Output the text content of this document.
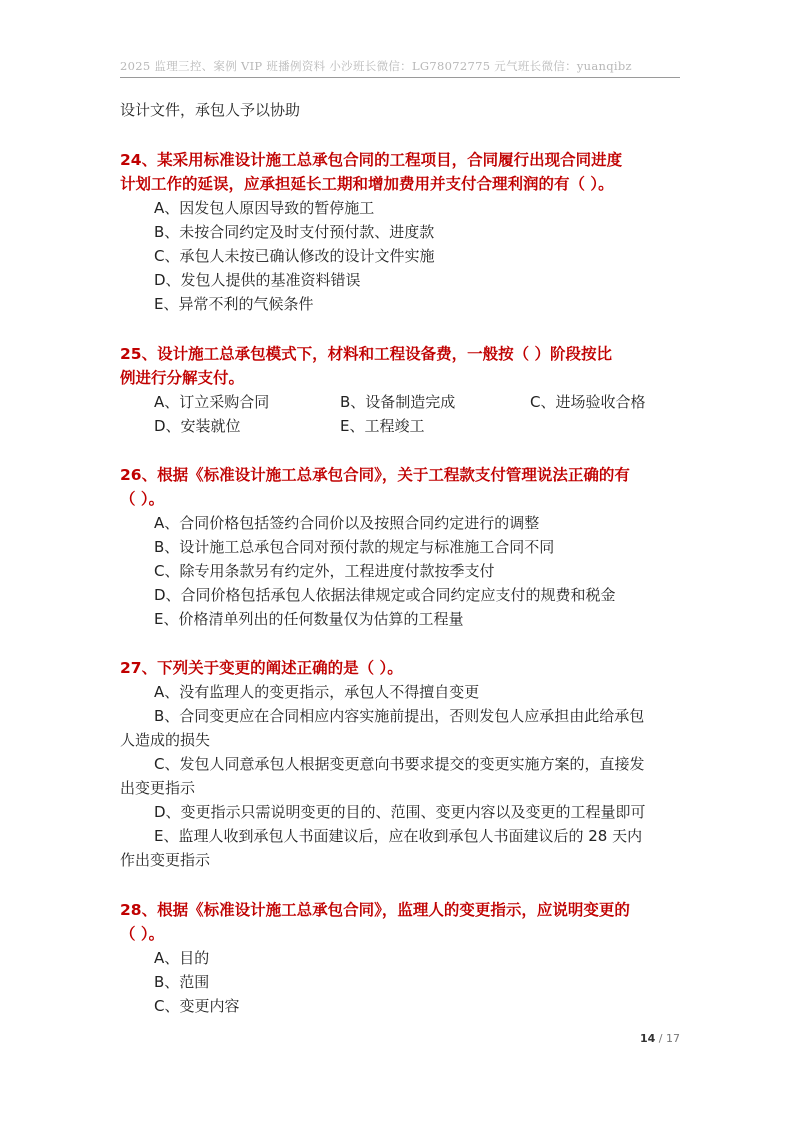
2025 监理三控、案例 VIP 班播例资料 小沙班长微信：LG78072775 元气班长微信：yuanqibz
设计文件，承包人予以协助
24、某采用标准设计施工总承包合同的工程项目，合同履行出现合同进度
计划工作的延误，应承担延长工期和增加费用并支付合理利润的有（ ）。
A、因发包人原因导致的暂停施工
B、未按合同约定及时支付预付款、进度款
C、承包人未按已确认修改的设计文件实施
D、发包人提供的基准资料错误
E、异常不利的气候条件
25、设计施工总承包模式下，材料和工程设备费，一般按（ ）阶段按比
例进行分解支付。
A、订立采购合同	B、设备制造完成	C、进场验收合格
D、安装就位	E、工程竣工
26、根据《标准设计施工总承包合同》，关于工程款支付管理说法正确的有
（ ）。
A、合同价格包括签约合同价以及按照合同约定进行的调整
B、设计施工总承包合同对预付款的规定与标准施工合同不同
C、除专用条款另有约定外，工程进度付款按季支付
D、合同价格包括承包人依据法律规定或合同约定应支付的规费和税金
E、价格清单列出的任何数量仅为估算的工程量
27、下列关于变更的阐述正确的是（ ）。
A、没有监理人的变更指示，承包人不得擅自变更
B、合同变更应在合同相应内容实施前提出，否则发包人应承担由此给承包
人造成的损失
C、发包人同意承包人根据变更意向书要求提交的变更实施方案的，直接发
出变更指示
D、变更指示只需说明变更的目的、范围、变更内容以及变更的工程量即可
E、监理人收到承包人书面建议后，应在收到承包人书面建议后的 28 天内
作出变更指示
28、根据《标准设计施工总承包合同》，监理人的变更指示，应说明变更的
（ ）。
A、目的
B、范围
C、变更内容
14 / 17
